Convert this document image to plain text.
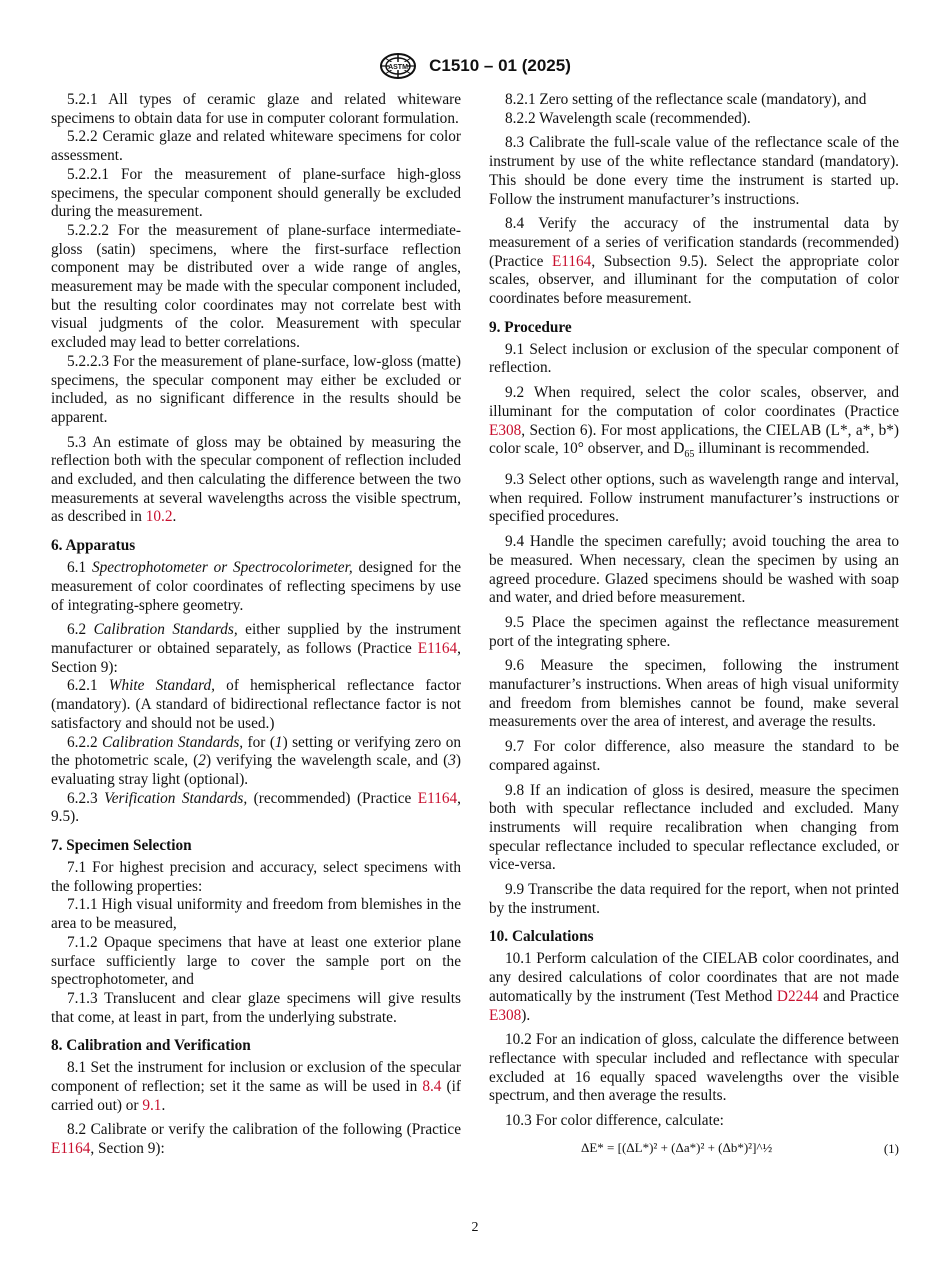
ASTM C1510 – 01 (2025)

5.2.1 All types of ceramic glaze and related whiteware specimens to obtain data for use in computer colorant formulation.

5.2.2 Ceramic glaze and related whiteware specimens for color assessment.

5.2.2.1 For the measurement of plane-surface high-gloss specimens, the specular component should generally be excluded during the measurement.

5.2.2.2 For the measurement of plane-surface intermediate-gloss (satin) specimens, where the first-surface reflection component may be distributed over a wide range of angles, measurement may be made with the specular component included, but the resulting color coordinates may not correlate best with visual judgments of the color. Measurement with specular excluded may lead to better correlations.

5.2.2.3 For the measurement of plane-surface, low-gloss (matte) specimens, the specular component may either be excluded or included, as no significant difference in the results should be apparent.

5.3 An estimate of gloss may be obtained by measuring the reflection both with the specular component of reflection included and excluded, and then calculating the difference between the two measurements at several wavelengths across the visible spectrum, as described in 10.2.

6. Apparatus

6.1 Spectrophotometer or Spectrocolorimeter, designed for the measurement of color coordinates of reflecting specimens by use of integrating-sphere geometry.

6.2 Calibration Standards, either supplied by the instrument manufacturer or obtained separately, as follows (Practice E1164, Section 9):

6.2.1 White Standard, of hemispherical reflectance factor (mandatory). (A standard of bidirectional reflectance factor is not satisfactory and should not be used.)

6.2.2 Calibration Standards, for (1) setting or verifying zero on the photometric scale, (2) verifying the wavelength scale, and (3) evaluating stray light (optional).

6.2.3 Verification Standards, (recommended) (Practice E1164, 9.5).

7. Specimen Selection

7.1 For highest precision and accuracy, select specimens with the following properties:

7.1.1 High visual uniformity and freedom from blemishes in the area to be measured,

7.1.2 Opaque specimens that have at least one exterior plane surface sufficiently large to cover the sample port on the spectrophotometer, and

7.1.3 Translucent and clear glaze specimens will give results that come, at least in part, from the underlying substrate.

8. Calibration and Verification

8.1 Set the instrument for inclusion or exclusion of the specular component of reflection; set it the same as will be used in 8.4 (if carried out) or 9.1.

8.2 Calibrate or verify the calibration of the following (Practice E1164, Section 9):

8.2.1 Zero setting of the reflectance scale (mandatory), and

8.2.2 Wavelength scale (recommended).

8.3 Calibrate the full-scale value of the reflectance scale of the instrument by use of the white reflectance standard (mandatory). This should be done every time the instrument is started up. Follow the instrument manufacturer’s instructions.

8.4 Verify the accuracy of the instrumental data by measurement of a series of verification standards (recommended) (Practice E1164, Subsection 9.5). Select the appropriate color scales, observer, and illuminant for the computation of color coordinates before measurement.

9. Procedure

9.1 Select inclusion or exclusion of the specular component of reflection.

9.2 When required, select the color scales, observer, and illuminant for the computation of color coordinates (Practice E308, Section 6). For most applications, the CIELAB (L*, a*, b*) color scale, 10° observer, and $D_{65}$ illuminant is recommended.

9.3 Select other options, such as wavelength range and interval, when required. Follow instrument manufacturer’s instructions or specified procedures.

9.4 Handle the specimen carefully; avoid touching the area to be measured. When necessary, clean the specimen by using an agreed procedure. Glazed specimens should be washed with soap and water, and dried before measurement.

9.5 Place the specimen against the reflectance measurement port of the integrating sphere.

9.6 Measure the specimen, following the instrument manufacturer’s instructions. When areas of high visual uniformity and freedom from blemishes cannot be found, make several measurements over the area of interest, and average the results.

9.7 For color difference, also measure the standard to be compared against.

9.8 If an indication of gloss is desired, measure the specimen both with specular reflectance included and excluded. Many instruments will require recalibration when changing from specular reflectance included to specular reflectance excluded, or vice-versa.

9.9 Transcribe the data required for the report, when not printed by the instrument.

10. Calculations

10.1 Perform calculation of the CIELAB color coordinates, and any desired calculations of color coordinates that are not made automatically by the instrument (Test Method D2244 and Practice E308).

10.2 For an indication of gloss, calculate the difference between reflectance with specular included and reflectance with specular excluded at 16 equally spaced wavelengths over the visible spectrum, and then average the results.

10.3 For color difference, calculate:

ΔE* = [(ΔL*)² + (Δa*)² + (Δb*)²]^½	(1)
2
